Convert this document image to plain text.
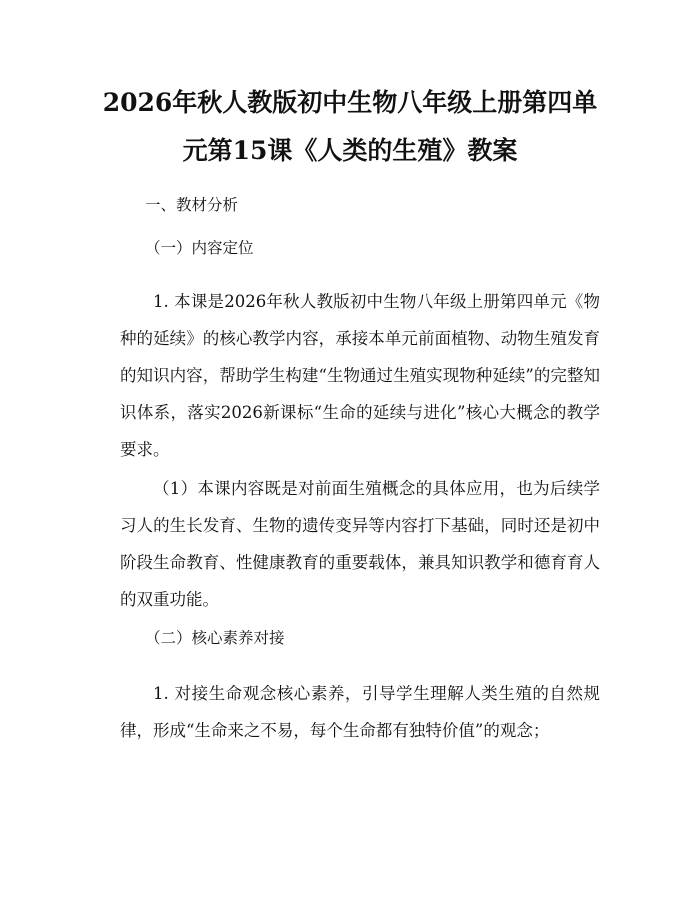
2026年秋人教版初中生物八年级上册第四单
元第15课《人类的生殖》教案
一、教材分析
（一）内容定位
1. 本课是2026年秋人教版初中生物八年级上册第四单元《物种的延续》的核心教学内容，承接本单元前面植物、动物生殖发育的知识内容，帮助学生构建“生物通过生殖实现物种延续”的完整知识体系，落实2026新课标“生命的延续与进化”核心大概念的教学要求。
（1）本课内容既是对前面生殖概念的具体应用，也为后续学习人的生长发育、生物的遗传变异等内容打下基础，同时还是初中阶段生命教育、性健康教育的重要载体，兼具知识教学和德育育人的双重功能。
（二）核心素养对接
1. 对接生命观念核心素养，引导学生理解人类生殖的自然规律，形成“生命来之不易，每个生命都有独特价值”的观念；
